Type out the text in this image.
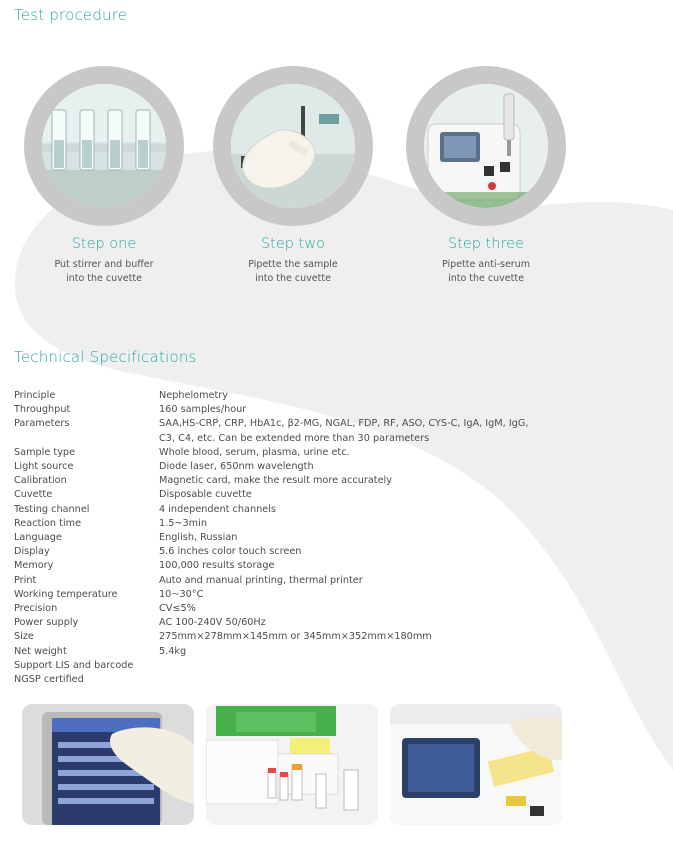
Test procedure
Step one
Put stirrer and buffer
into the cuvette
Step two
Pipette the sample
into the cuvette
Step three
Pipette anti-serum
into the cuvette
Technical Specifications
Principle	Nephelometry
Throughput	160 samples/hour
Parameters	SAA,HS-CRP, CRP, HbA1c, β2-MG, NGAL, FDP, RF, ASO, CYS-C, IgA, IgM, IgG,
C3, C4, etc. Can be extended more than 30 parameters
Sample type	Whole blood, serum, plasma, urine etc.
Light source	Diode laser, 650nm wavelength
Calibration	Magnetic card, make the result more accurately
Cuvette	Disposable cuvette
Testing channel	4 independent channels
Reaction time	1.5~3min
Language	English, Russian
Display	5.6 inches color touch screen
Memory	100,000 results storage
Print	Auto and manual printing, thermal printer
Working temperature	10~30°C
Precision	CV≤5%
Power supply	AC 100-240V 50/60Hz
Size	275mm×278mm×145mm or 345mm×352mm×180mm
Net weight	5.4kg
Support LIS and barcode
NGSP certified
